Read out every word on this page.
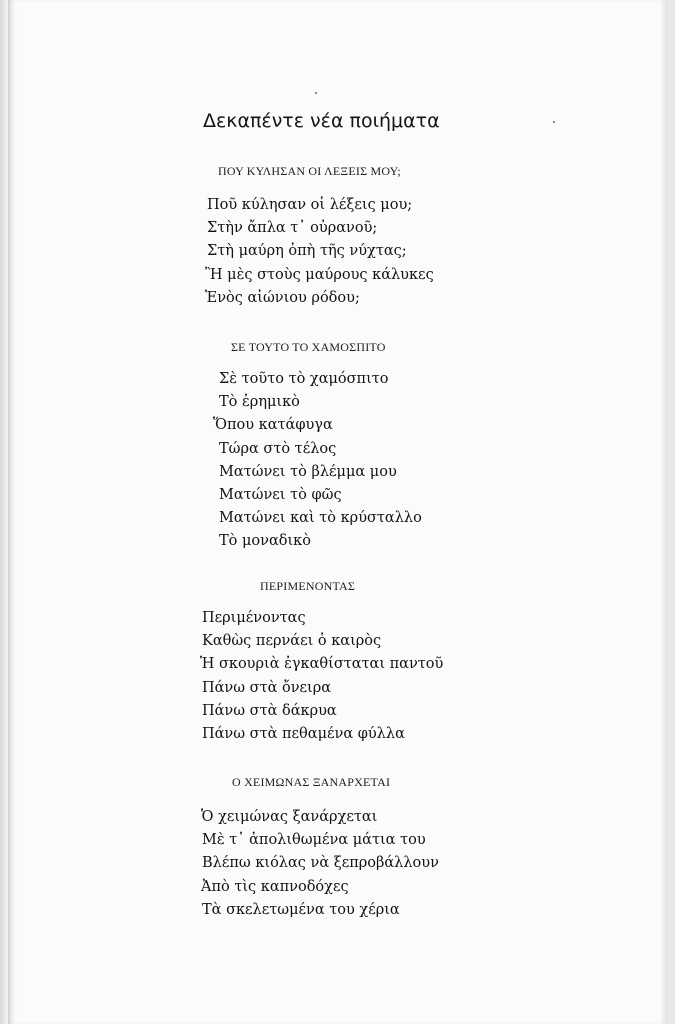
Δεκαπέντε νέα ποιήματα
ΠΟΥ ΚΥΛΗΣΑΝ ΟΙ ΛΕΞΕΙΣ ΜΟΥ;
Ποῦ κύλησαν οἱ λέξεις μου;
Στὴν ἄπλα τ᾽ οὐρανοῦ;
Στὴ μαύρη ὀπὴ τῆς νύχτας;
Ἢ μὲς στοὺς μαύρους κάλυκες
Ἑνὸς αἰώνιου ρόδου;
ΣΕ ΤΟΥΤΟ ΤΟ ΧΑΜΟΣΠΙΤΟ
Σὲ τοῦτο τὸ χαμόσπιτο
Τὸ ἐρημικὸ
Ὅπου κατάφυγα
Τώρα στὸ τέλος
Ματώνει τὸ βλέμμα μου
Ματώνει τὸ φῶς
Ματώνει καὶ τὸ κρύσταλλο
Τὸ μοναδικὸ
ΠΕΡΙΜΕΝΟΝΤΑΣ
Περιμένοντας
Καθὼς περνάει ὁ καιρὸς
Ἡ σκουριὰ ἐγκαθίσταται παντοῦ
Πάνω στὰ ὄνειρα
Πάνω στὰ δάκρυα
Πάνω στὰ πεθαμένα φύλλα
Ο ΧΕΙΜΩΝΑΣ ΞΑΝΑΡΧΕΤΑΙ
Ὁ χειμώνας ξανάρχεται
Μὲ τ᾽ ἀπολιθωμένα μάτια του
Βλέπω κιόλας νὰ ξεπροβάλλουν
Ἀπὸ τὶς καπνοδόχες
Τὰ σκελετωμένα του χέρια
